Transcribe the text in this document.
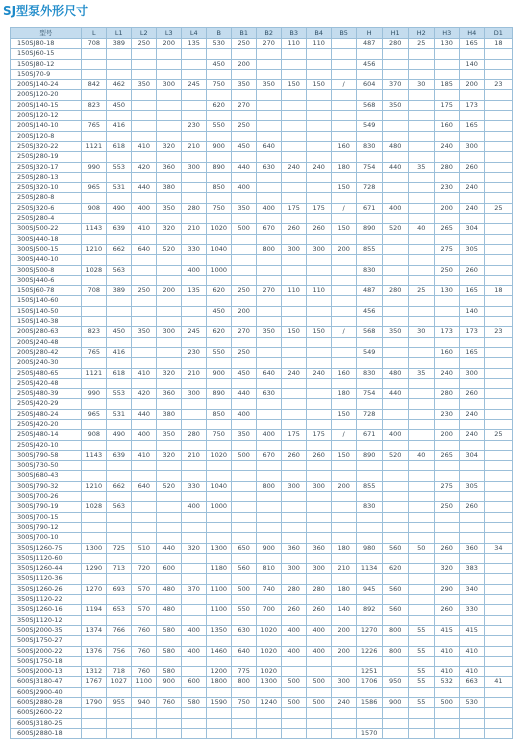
SJ型泵外形尺寸
型号	L	L1	L2	L3	L4	B	B1	B2	B3	B4	B5	H	H1	H2	H3	H4	D1
150SJ80-18	708	389	250	200	135	530	250	270	110	110		487	280	25	130	165	18
150SJ60-15																	
150SJ80-12						450	200					456				140	
150SJ70-9																	
200SJ140-24	842	462	350	300	245	750	350	350	150	150	/	604	370	30	185	200	23
200SJ120-20																	
200SJ140-15	823	450				620	270					568	350		175	173	
200SJ120-12																	
200SJ140-10	765	416			230	550	250					549			160	165	
200SJ120-8																	
250SJ320-22	1121	618	410	320	210	900	450	640			160	830	480		240	300	
250SJ280-19																	
250SJ320-17	990	553	420	360	300	890	440	630	240	240	180	754	440	35	280	260	
250SJ280-13																	
250SJ320-10	965	531	440	380		850	400				150	728			230	240	
250SJ280-8																	
250SJ320-6	908	490	400	350	280	750	350	400	175	175	/	671	400		200	240	25
250SJ280-4																	
300SJ500-22	1143	639	410	320	210	1020	500	670	260	260	150	890	520	40	265	304	
300SJ440-18																	
300SJ500-15	1210	662	640	520	330	1040		800	300	300	200	855			275	305	
300SJ440-10																	
300SJ500-8	1028	563			400	1000						830			250	260	
300SJ440-6																	
150SJ60-78	708	389	250	200	135	620	250	270	110	110		487	280	25	130	165	18
150SJ140-60																	
150SJ140-50						450	200					456				140	
150SJ140-38																	
200SJ280-63	823	450	350	300	245	620	270	350	150	150	/	568	350	30	173	173	23
200SJ240-48																	
200SJ280-42	765	416			230	550	250					549			160	165	
200SJ240-30																	
250SJ480-65	1121	618	410	320	210	900	450	640	240	240	160	830	480	35	240	300	
250SJ420-48																	
250SJ480-39	990	553	420	360	300	890	440	630			180	754	440		280	260	
250SJ420-29																	
250SJ480-24	965	531	440	380		850	400				150	728			230	240	
250SJ420-20																	
250SJ480-14	908	490	400	350	280	750	350	400	175	175	/	671	400		200	240	25
250SJ420-10																	
300SJ790-58	1143	639	410	320	210	1020	500	670	260	260	150	890	520	40	265	304	
300SJ730-50																	
300SJ680-43																	
300SJ790-32	1210	662	640	520	330	1040		800	300	300	200	855			275	305	
300SJ700-26																	
300SJ790-19	1028	563			400	1000						830			250	260	
300SJ700-15																	
300SJ790-12																	
300SJ700-10																	
350SJ1260-75	1300	725	510	440	320	1300	650	900	360	360	180	980	560	50	260	360	34
350SJ1120-60																	
350SJ1260-44	1290	713	720	600		1180	560	810	300	300	210	1134	620		320	383	
350SJ1120-36																	
350SJ1260-26	1270	693	570	480	370	1100	500	740	280	280	180	945	560		290	340	
350SJ1120-22																	
350SJ1260-16	1194	653	570	480		1100	550	700	260	260	140	892	560		260	330	
350SJ1120-12																	
500SJ2000-35	1374	766	760	580	400	1350	630	1020	400	400	200	1270	800	55	415	415	
500SJ1750-27																	
500SJ2000-22	1376	756	760	580	400	1460	640	1020	400	400	200	1226	800	55	410	410	
500SJ1750-18																	
500SJ2000-13	1312	718	760	580		1200	775	1020				1251		55	410	410	
600SJ3180-47	1767	1027	1100	900	600	1800	800	1300	500	500	300	1706	950	55	532	663	41
600SJ2900-40																	
600SJ2880-28	1790	955	940	760	580	1590	750	1240	500	500	240	1586	900	55	500	530	
600SJ2600-22																	
600SJ3180-25																	
600SJ2880-18												1570					
